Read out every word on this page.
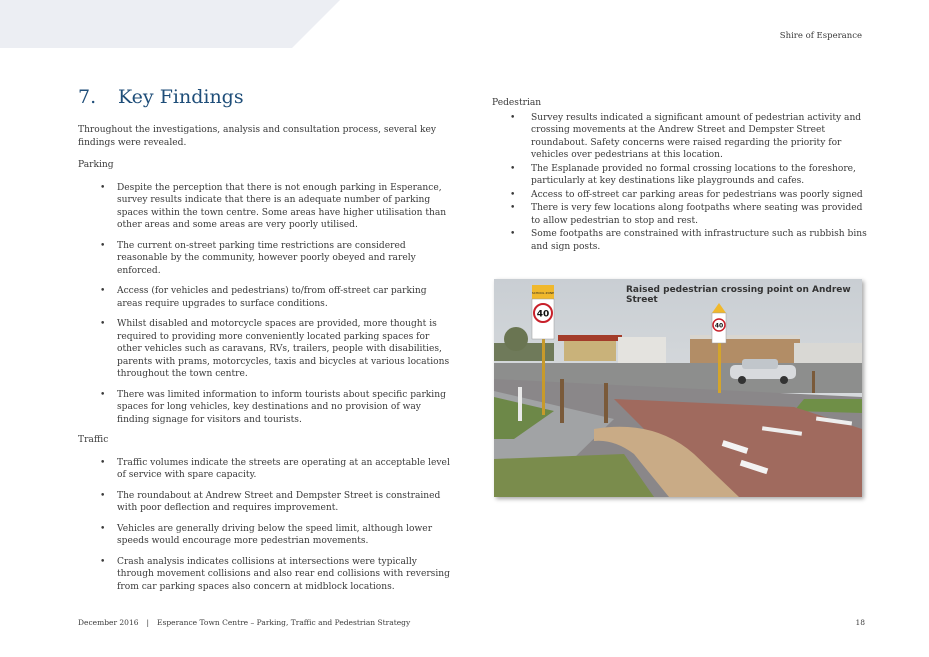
Shire of Esperance
7. Key Findings

Throughout the investigations, analysis and consultation process, several key findings were revealed.

Parking
• Despite the perception that there is not enough parking in Esperance, survey results indicate that there is an adequate number of parking spaces within the town centre. Some areas have higher utilisation than other areas and some areas are very poorly utilised.
• The current on-street parking time restrictions are considered reasonable by the community, however poorly obeyed and rarely enforced.
• Access (for vehicles and pedestrians) to/from off-street car parking areas require upgrades to surface conditions.
• Whilst disabled and motorcycle spaces are provided, more thought is required to providing more conveniently located parking spaces for other vehicles such as caravans, RVs, trailers, people with disabilities, parents with prams, motorcycles, taxis and bicycles at various locations throughout the town centre.
• There was limited information to inform tourists about specific parking spaces for long vehicles, key destinations and no provision of way finding signage for visitors and tourists.
Traffic
• Traffic volumes indicate the streets are operating at an acceptable level of service with spare capacity.
• The roundabout at Andrew Street and Dempster Street is constrained with poor deflection and requires improvement.
• Vehicles are generally driving below the speed limit, although lower speeds would encourage more pedestrian movements.
• Crash analysis indicates collisions at intersections were typically through movement collisions and also rear end collisions with reversing from car parking spaces also concern at midblock locations.
Pedestrian
• Survey results indicated a significant amount of pedestrian activity and crossing movements at the Andrew Street and Dempster Street roundabout. Safety concerns were raised regarding the priority for vehicles over pedestrians at this location.
• The Esplanade provided no formal crossing locations to the foreshore, particularly at key destinations like playgrounds and cafes.
• Access to off-street car parking areas for pedestrians was poorly signed
• There is very few locations along footpaths where seating was provided to allow pedestrian to stop and rest.
• Some footpaths are constrained with infrastructure such as rubbish bins and sign posts.
40
SCHOOL ZONE
40
Raised pedestrian crossing point on Andrew Street
December 2016 | Esperance Town Centre – Parking, Traffic and Pedestrian Strategy	18
